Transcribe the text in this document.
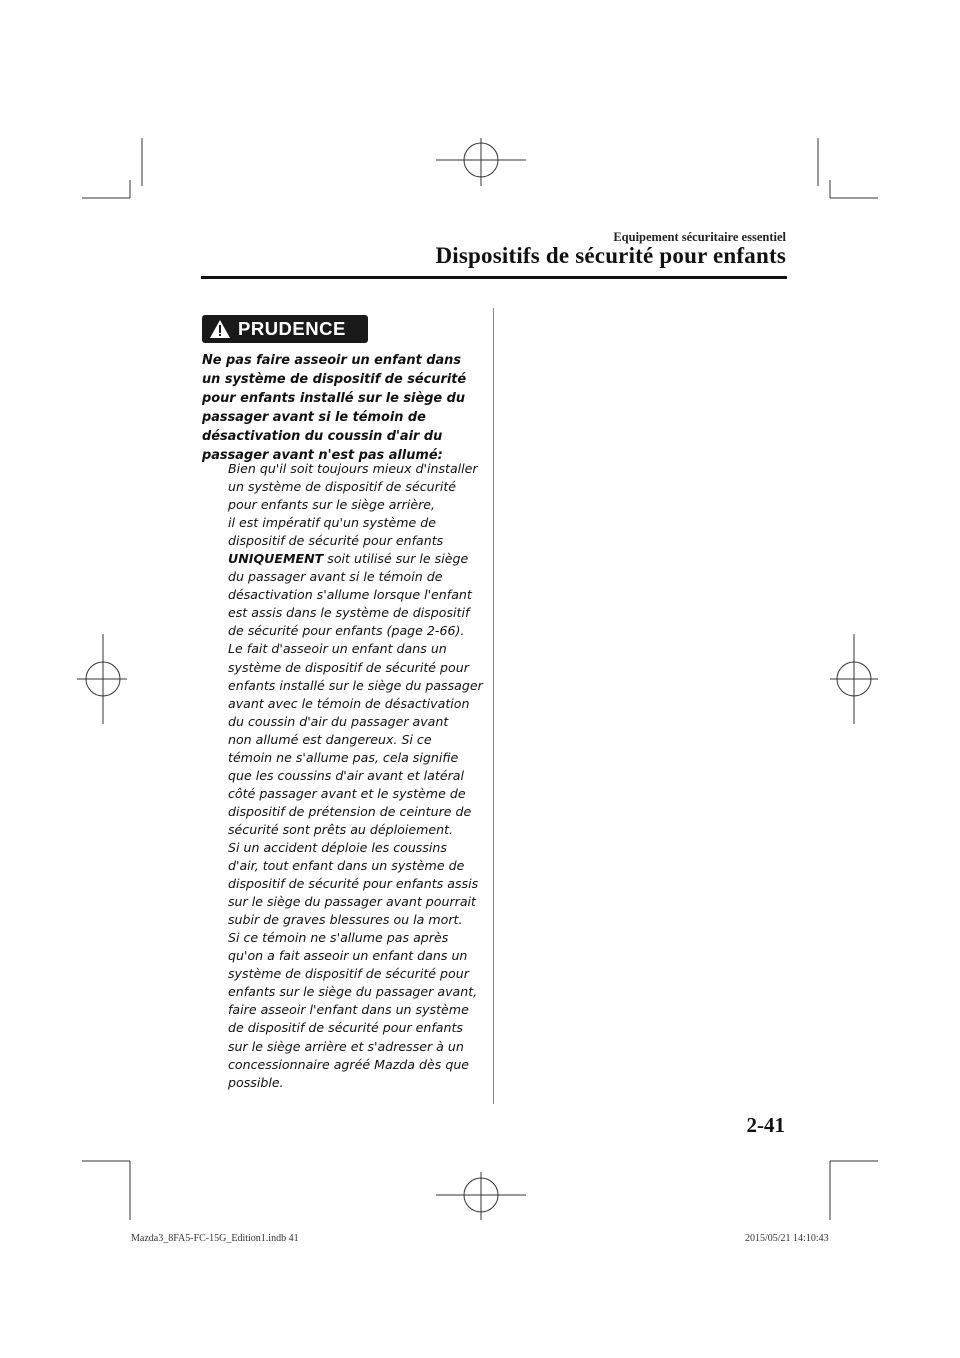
Equipement sécuritaire essentiel
Dispositifs de sécurité pour enfants
PRUDENCE

Ne pas faire asseoir un enfant dans un système de dispositif de sécurité pour enfants installé sur le siège du passager avant si le témoin de désactivation du coussin d'air du passager avant n'est pas allumé:

Bien qu'il soit toujours mieux d'installer
un système de dispositif de sécurité
pour enfants sur le siège arrière,
il est impératif qu'un système de
dispositif de sécurité pour enfants
UNIQUEMENT soit utilisé sur le siège
du passager avant si le témoin de
désactivation s'allume lorsque l'enfant
est assis dans le système de dispositif
de sécurité pour enfants (page 2-66).
Le fait d'asseoir un enfant dans un
système de dispositif de sécurité pour
enfants installé sur le siège du passager
avant avec le témoin de désactivation
du coussin d'air du passager avant
non allumé est dangereux. Si ce
témoin ne s'allume pas, cela signifie
que les coussins d'air avant et latéral
côté passager avant et le système de
dispositif de prétension de ceinture de
sécurité sont prêts au déploiement.
Si un accident déploie les coussins
d'air, tout enfant dans un système de
dispositif de sécurité pour enfants assis
sur le siège du passager avant pourrait
subir de graves blessures ou la mort.
Si ce témoin ne s'allume pas après
qu'on a fait asseoir un enfant dans un
système de dispositif de sécurité pour
enfants sur le siège du passager avant,
faire asseoir l'enfant dans un système
de dispositif de sécurité pour enfants
sur le siège arrière et s'adresser à un
concessionnaire agréé Mazda dès que
possible.

2-41
Mazda3_8FA5-FC-15G_Edition1.indb 41	2015/05/21 14:10:43
